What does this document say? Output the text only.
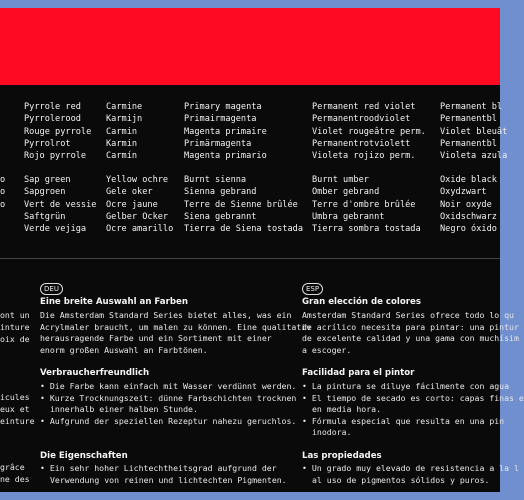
Pyrrole red
Pyrrolerood
Rouge pyrrole
Pyrrolrot
Rojo pyrrole
Carmine
Karmijn
Carmin
Karmin
Carmín
Primary magenta
Primairmagenta
Magenta primaire
Primärmagenta
Magenta primario
Permanent red violet
Permanentroodviolet
Violet rougeâtre perm.
Permanentrotviolett
Violeta rojizo perm.
Permanent bl
Permanentbl
Violet bleuât
Permanentbl
Violeta azula
o
o
o
Sap green
Sapgroen
Vert de vessie
Saftgrün
Verde vejiga
Yellow ochre
Gele oker
Ocre jaune
Gelber Ocker
Ocre amarillo
Burnt sienna
Sienna gebrand
Terre de Sienne brûlée
Siena gebrannt
Tierra de Siena tostada
Burnt umber
Omber gebrand
Terre d'ombre brûlée
Umbra gebrannt
Tierra sombra tostada
Oxide black
Oxydzwart
Noir oxyde
Oxidschwarz
Negro óxido
ont un
inture
oix de
icules
eux et
einture
grâce
ne des
DEU
Eine breite Auswahl an Farben
Die Amsterdam Standard Series bietet alles, was ein
Acrylmaler braucht, um malen zu können. Eine qualitativ
herausragende Farbe und ein Sortiment mit einer
enorm großen Auswahl an Farbtönen.
Verbraucherfreundlich
• Die Farbe kann einfach mit Wasser verdünnt werden.
• Kurze Trocknungszeit: dünne Farbschichten trocknen
innerhalb einer halben Stunde.
• Aufgrund der speziellen Rezeptur nahezu geruchlos.
Die Eigenschaften
• Ein sehr hoher Lichtechtheitsgrad aufgrund der
Verwendung von reinen und lichtechten Pigmenten.
ESP
Gran elección de colores
Amsterdam Standard Series ofrece todo lo qu
de acrílico necesita para pintar: una pintur
de excelente calidad y una gama con muchísim
a escoger.
Facilidad para el pintor
• La pintura se diluye fácilmente con agua
• El tiempo de secado es corto: capas finas e
en media hora.
• Fórmula especial que resulta en una pin
inodora.
Las propiedades
• Un grado muy elevado de resistencia a la l
al uso de pigmentos sólidos y puros.
